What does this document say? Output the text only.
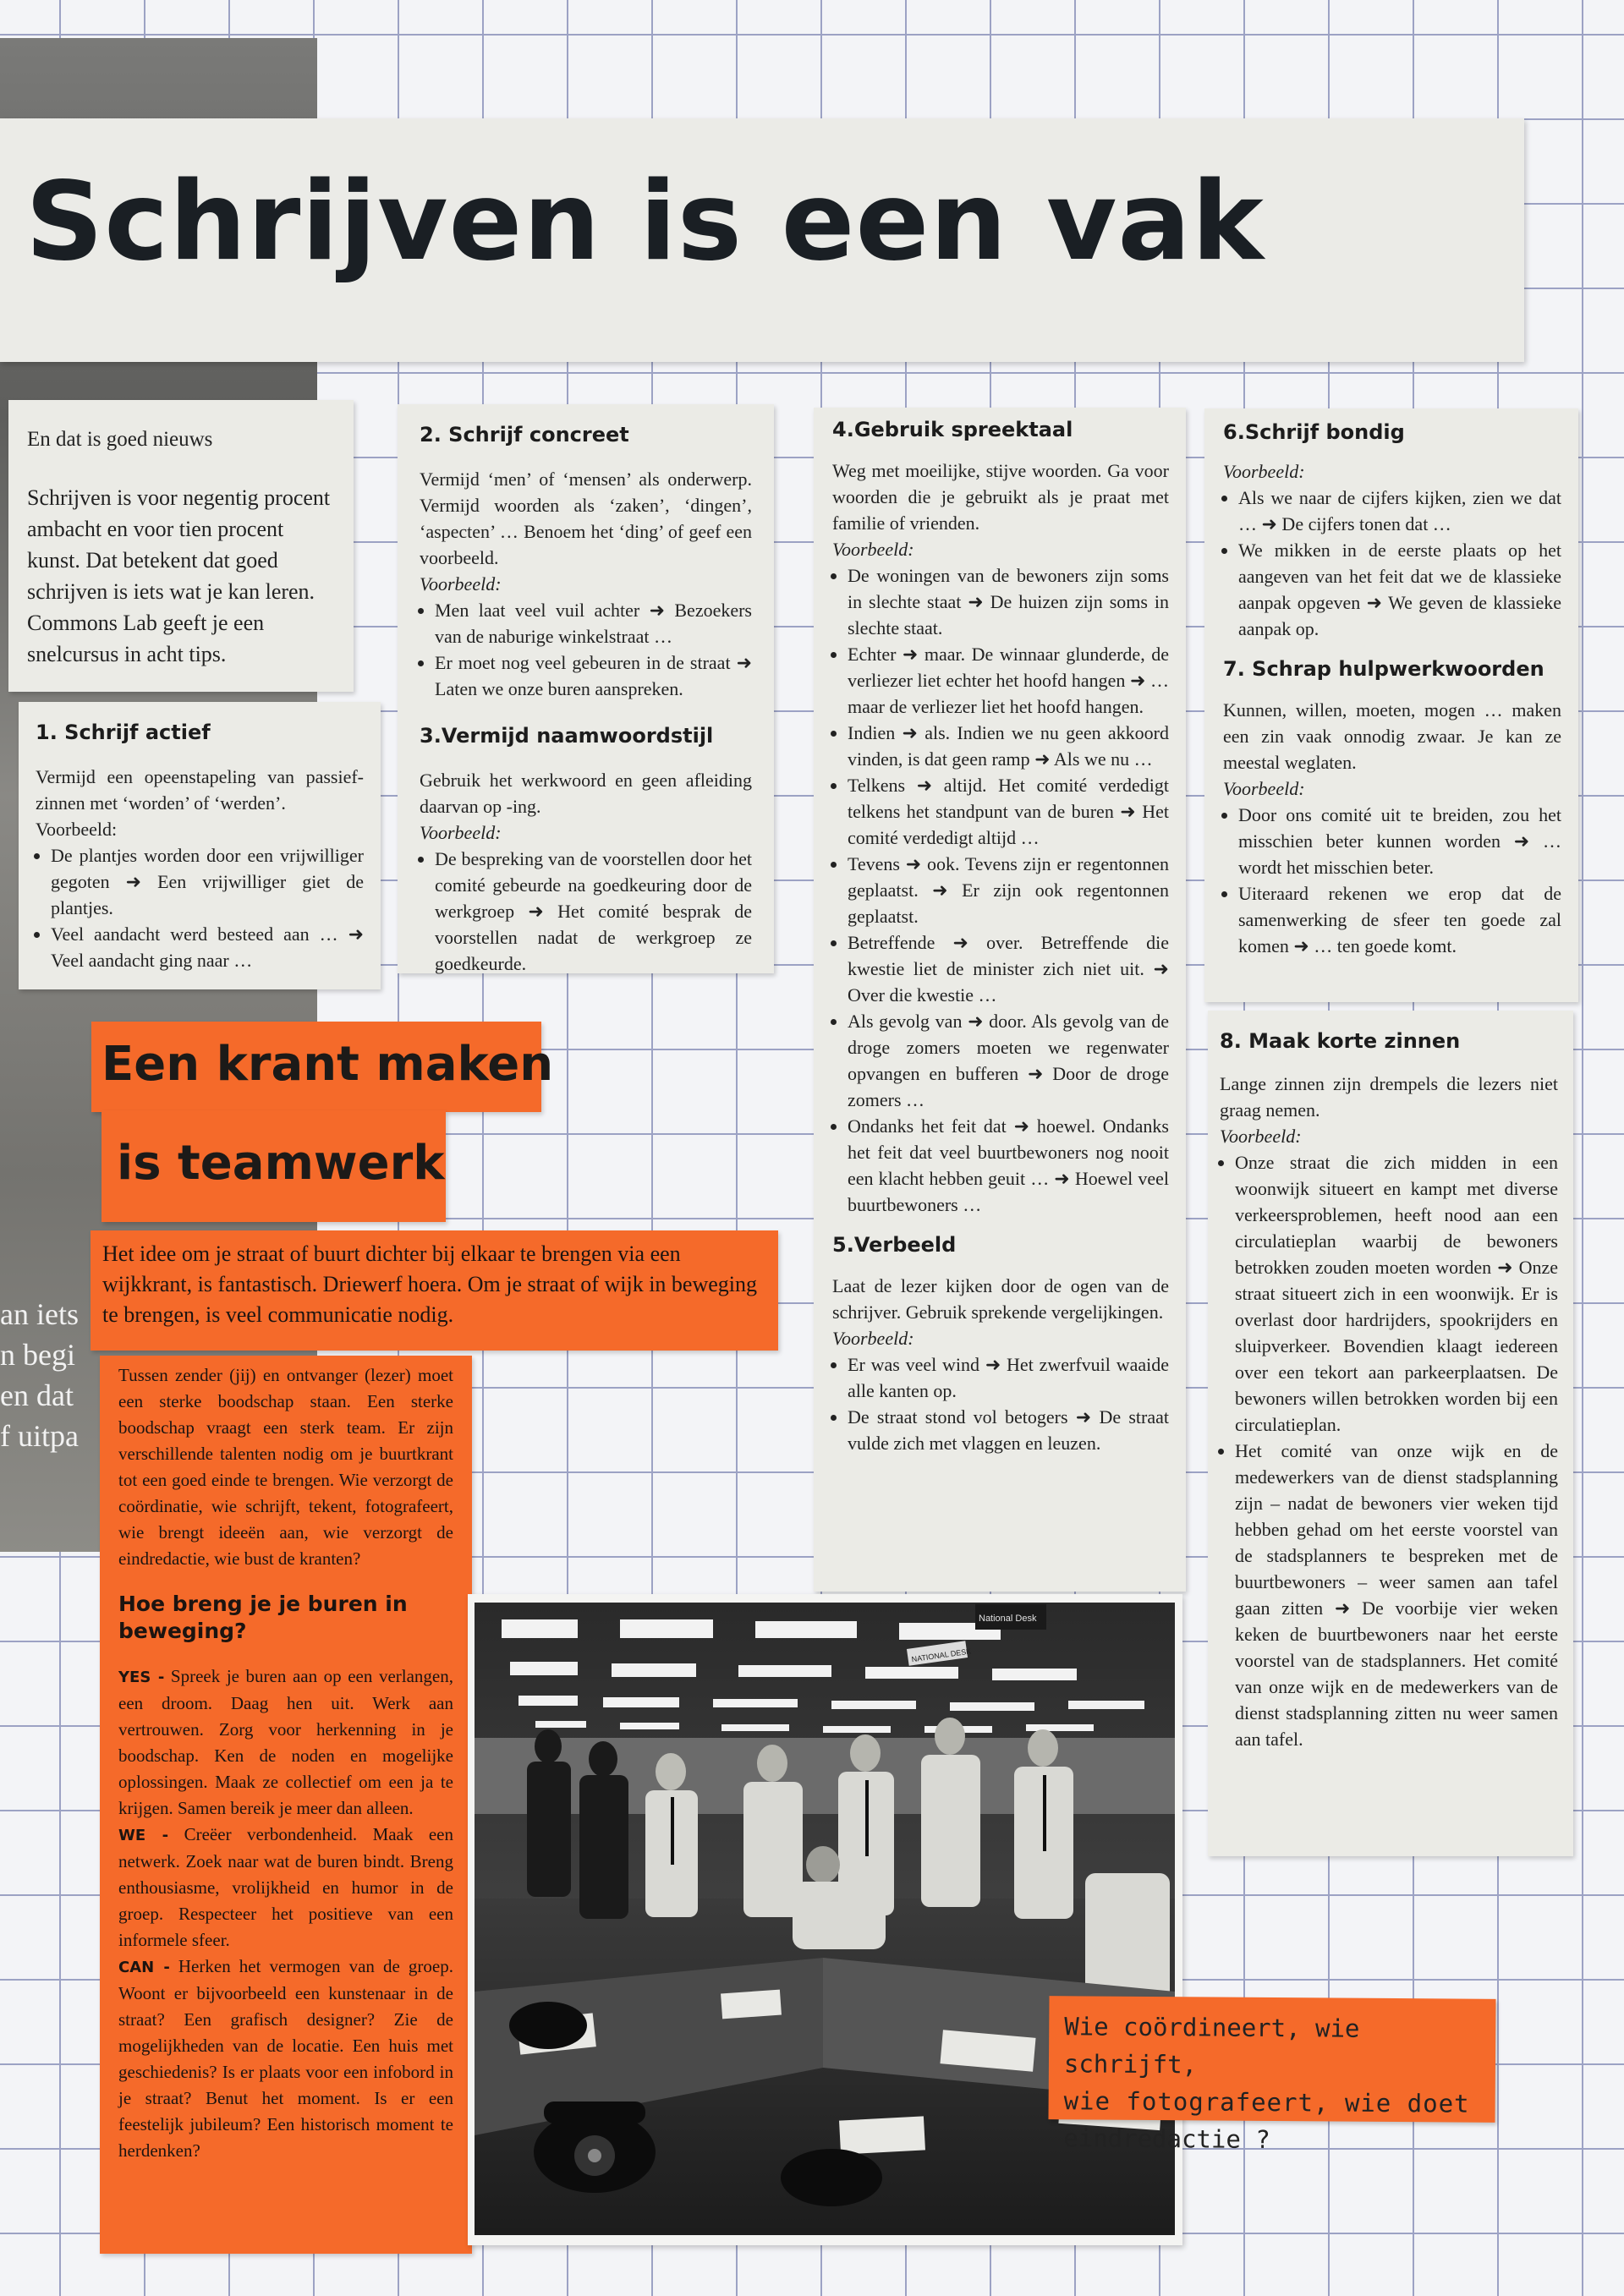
an iets
n begi
en dat
f uitpa
Schrijven is een vak

En dat is goed nieuws

Schrijven is voor negentig procent ambacht en voor tien procent kunst. Dat betekent dat goed schrijven is iets wat je kan leren. Commons Lab geeft je een snelcursus in acht tips.

1. Schrijf actief

Vermijd een opeenstapeling van passief-zinnen met ‘worden’ of ‘werden’.

Voorbeeld:
• De plantjes worden door een vrijwilliger gegoten ➜ Een vrijwilliger giet de plantjes.
• Veel aandacht werd besteed aan … ➜ Veel aandacht ging naar …
2. Schrijf concreet

Vermijd ‘men’ of ‘mensen’ als onderwerp. Vermijd woorden als ‘zaken’, ‘dingen’, ‘aspecten’ … Benoem het ‘ding’ of geef een voorbeeld.

Voorbeeld:
• Men laat veel vuil achter ➜ Bezoekers van de naburige winkelstraat …
• Er moet nog veel gebeuren in de straat ➜ Laten we onze buren aanspreken.
3.Vermijd naamwoordstijl

Gebruik het werkwoord en geen afleiding daarvan op -ing.

Voorbeeld:
• De bespreking van de voorstellen door het comité gebeurde na goedkeuring door de werkgroep ➜ Het comité besprak de voorstellen nadat de werkgroep ze goedkeurde.
4.Gebruik spreektaal

Weg met moeilijke, stijve woorden. Ga voor woorden die je gebruikt als je praat met familie of vrienden.

Voorbeeld:
• De woningen van de bewoners zijn soms in slechte staat ➜ De huizen zijn soms in slechte staat.
• Echter ➜ maar. De winnaar glunderde, de verliezer liet echter het hoofd hangen ➜ … maar de verliezer liet het hoofd hangen.
• Indien ➜ als. Indien we nu geen akkoord vinden, is dat geen ramp ➜ Als we nu …
• Telkens ➜ altijd. Het comité verdedigt telkens het standpunt van de buren ➜ Het comité verdedigt altijd …
• Tevens ➜ ook. Tevens zijn er regentonnen geplaatst. ➜ Er zijn ook regentonnen geplaatst.
• Betreffende ➜ over. Betreffende die kwestie liet de minister zich niet uit. ➜ Over die kwestie …
• Als gevolg van ➜ door. Als gevolg van de droge zomers moeten we regenwater opvangen en bufferen ➜ Door de droge zomers …
• Ondanks het feit dat ➜ hoewel. Ondanks het feit dat veel buurtbewoners nog nooit een klacht hebben geuit … ➜ Hoewel veel buurtbewoners …
5.Verbeeld

Laat de lezer kijken door de ogen van de schrijver. Gebruik sprekende vergelijkingen.

Voorbeeld:
• Er was veel wind ➜ Het zwerfvuil waaide alle kanten op.
• De straat stond vol betogers ➜ De straat vulde zich met vlaggen en leuzen.
6.Schrijf bondig
Voorbeeld:
• Als we naar de cijfers kijken, zien we dat … ➜ De cijfers tonen dat …
• We mikken in de eerste plaats op het aangeven van het feit dat we de klassieke aanpak opgeven ➜ We geven de klassieke aanpak op.
7. Schrap hulpwerkwoorden

Kunnen, willen, moeten, mogen … maken een zin vaak onnodig zwaar. Je kan ze meestal weglaten.

Voorbeeld:
• Door ons comité uit te breiden, zou het misschien beter kunnen worden ➜ … wordt het misschien beter.
• Uiteraard rekenen we erop dat de samenwerking de sfeer ten goede zal komen ➜ … ten goede komt.
8. Maak korte zinnen

Lange zinnen zijn drempels die lezers niet graag nemen.

Voorbeeld:
• Onze straat die zich midden in een woonwijk situeert en kampt met diverse verkeersproblemen, heeft nood aan een circulatieplan waarbij de bewoners betrokken zouden moeten worden ➜ Onze straat situeert zich in een woonwijk. Er is overlast door hardrijders, spookrijders en sluipverkeer. Bovendien klaagt iedereen over een tekort aan parkeerplaatsen. De bewoners willen betrokken worden bij een circulatieplan.
• Het comité van onze wijk en de medewerkers van de dienst stadsplanning zijn – nadat de bewoners vier weken tijd hebben gehad om het eerste voorstel van de stadsplanners te bespreken met de buurtbewoners – weer samen aan tafel gaan zitten ➜ De voorbije vier weken keken de buurtbewoners naar het eerste voorstel van de stadsplanners. Het comité van onze wijk en de medewerkers van de dienst stadsplanning zitten nu weer samen aan tafel.
Een krant maken
is teamwerk
Het idee om je straat of buurt dichter bij elkaar te brengen via een wijkkrant, is fantastisch. Driewerf hoera. Om je straat of wijk in beweging te brengen, is veel communicatie nodig.

Tussen zender (jij) en ontvanger (lezer) moet een sterke boodschap staan. Een sterke boodschap vraagt een sterk team. Er zijn verschillende talenten nodig om je buurtkrant tot een goed einde te brengen. Wie verzorgt de coördinatie, wie schrijft, tekent, fotografeert, wie brengt ideeën aan, wie verzorgt de eindredactie, wie bust de kranten?

Hoe breng je je buren in beweging?

YES - Spreek je buren aan op een verlangen, een droom. Daag hen uit. Werk aan vertrouwen. Zorg voor herkenning in je boodschap. Ken de noden en mogelijke oplossingen. Maak ze collectief om een ja te krijgen. Samen bereik je meer dan alleen.

WE - Creëer verbondenheid. Maak een netwerk. Zoek naar wat de buren bindt. Breng enthousiasme, vrolijkheid en humor in de groep. Respecteer het positieve van een informele sfeer.

CAN - Herken het vermogen van de groep. Woont er bijvoorbeeld een kunstenaar in de straat? Een grafisch designer? Zie de mogelijkheden van de locatie. Een huis met geschiedenis? Is er plaats voor een infobord in je straat? Benut het moment. Is er een feestelijk jubileum? Een historisch moment te herdenken?

National Desk
NATIONAL DESK
Wie coördineert, wie schrijft,
wie fotografeert, wie doet
eindredactie ?
